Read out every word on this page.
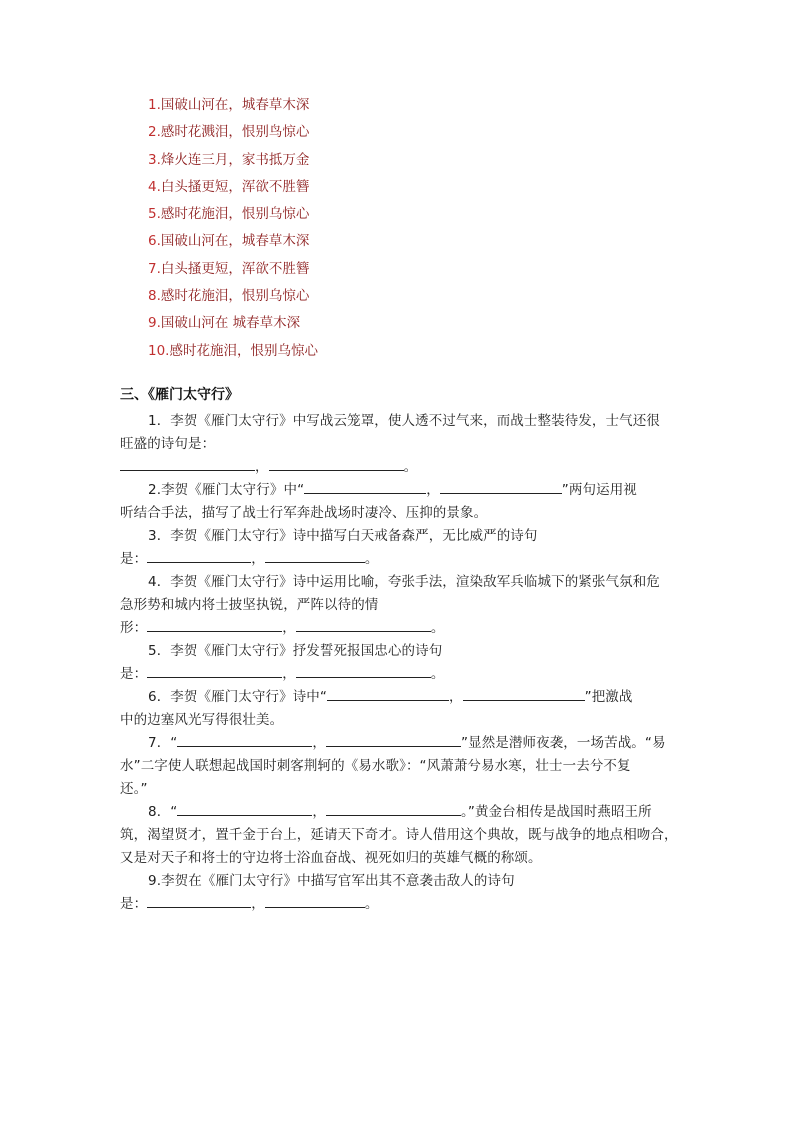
1.国破山河在，城春草木深
2.感时花溅泪，恨别鸟惊心
3.烽火连三月，家书抵万金
4.白头搔更短，浑欲不胜簪
5.感时花施泪，恨别乌惊心
6.国破山河在，城春草木深
7.白头搔更短，浑欲不胜簪
8.感时花施泪，恨别乌惊心
9.国破山河在 城春草木深
10.感时花施泪，恨别乌惊心
三、《雁门太守行》
1．李贺《雁门太守行》中写战云笼罩，使人透不过气来，而战士整装待发，士气还很
旺盛的诗句是：
，	。
2.李贺《雁门太守行》中“	，	”两句运用视
听结合手法，描写了战士行军奔赴战场时凄冷、压抑的景象。
3．李贺《雁门太守行》诗中描写白天戒备森严，无比威严的诗句
是：	，	。
4．李贺《雁门太守行》诗中运用比喻，夸张手法，渲染敌军兵临城下的紧张气氛和危
急形势和城内将士披坚执锐，严阵以待的情
形：	，	。
5．李贺《雁门太守行》抒发誓死报国忠心的诗句
是：	，	。
6．李贺《雁门太守行》诗中“	，	”把激战
中的边塞风光写得很壮美。
7．“	，	”显然是潜师夜袭，一场苦战。“易
水”二字使人联想起战国时刺客荆轲的《易水歌》：“风萧萧兮易水寒，壮士一去兮不复
还。”
8．“	，	。”黄金台相传是战国时燕昭王所
筑，渴望贤才，置千金于台上，延请天下奇才。诗人借用这个典故，既与战争的地点相吻合，
又是对天子和将士的守边将士浴血奋战、视死如归的英雄气概的称颂。
9.李贺在《雁门太守行》中描写官军出其不意袭击敌人的诗句
是：	，	。
